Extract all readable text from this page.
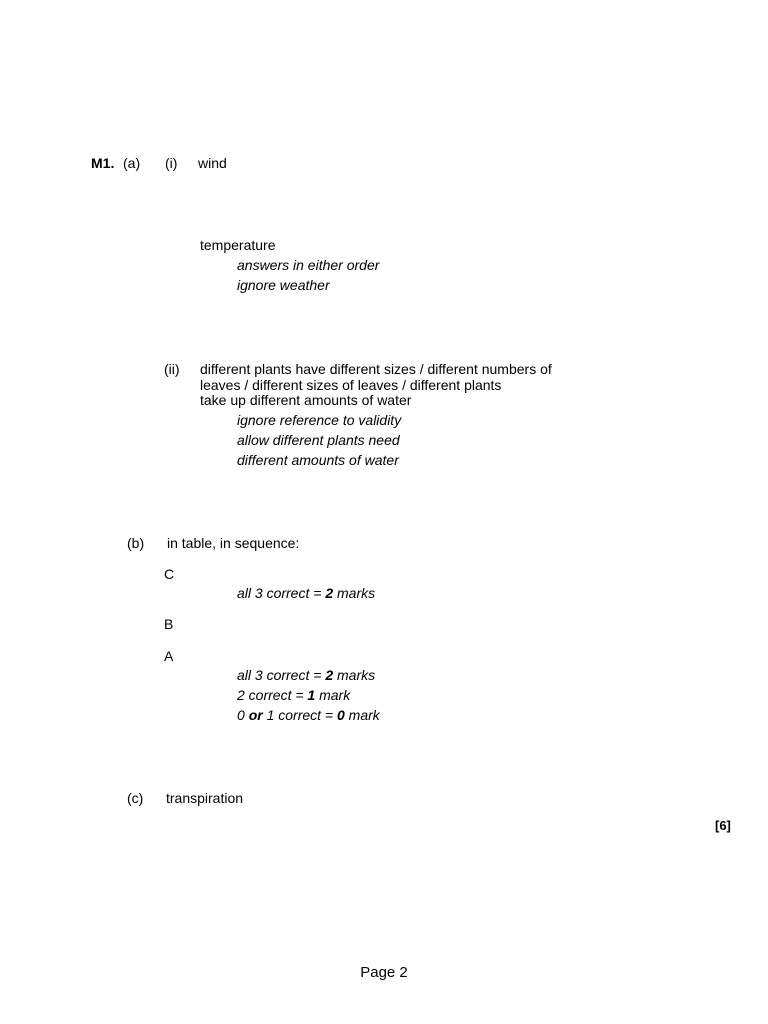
M1. (a) (i) wind
temperature
answers in either order
ignore weather
(ii) different plants have different sizes / different numbers of
leaves / different sizes of leaves / different plants
take up different amounts of water
ignore reference to validity
allow different plants need
different amounts of water
(b) in table, in sequence:
C
all 3 correct = 2 marks
B
A
all 3 correct = 2 marks
2 correct = 1 mark
0 or 1 correct = 0 mark
(c) transpiration
[6]
Page 2
